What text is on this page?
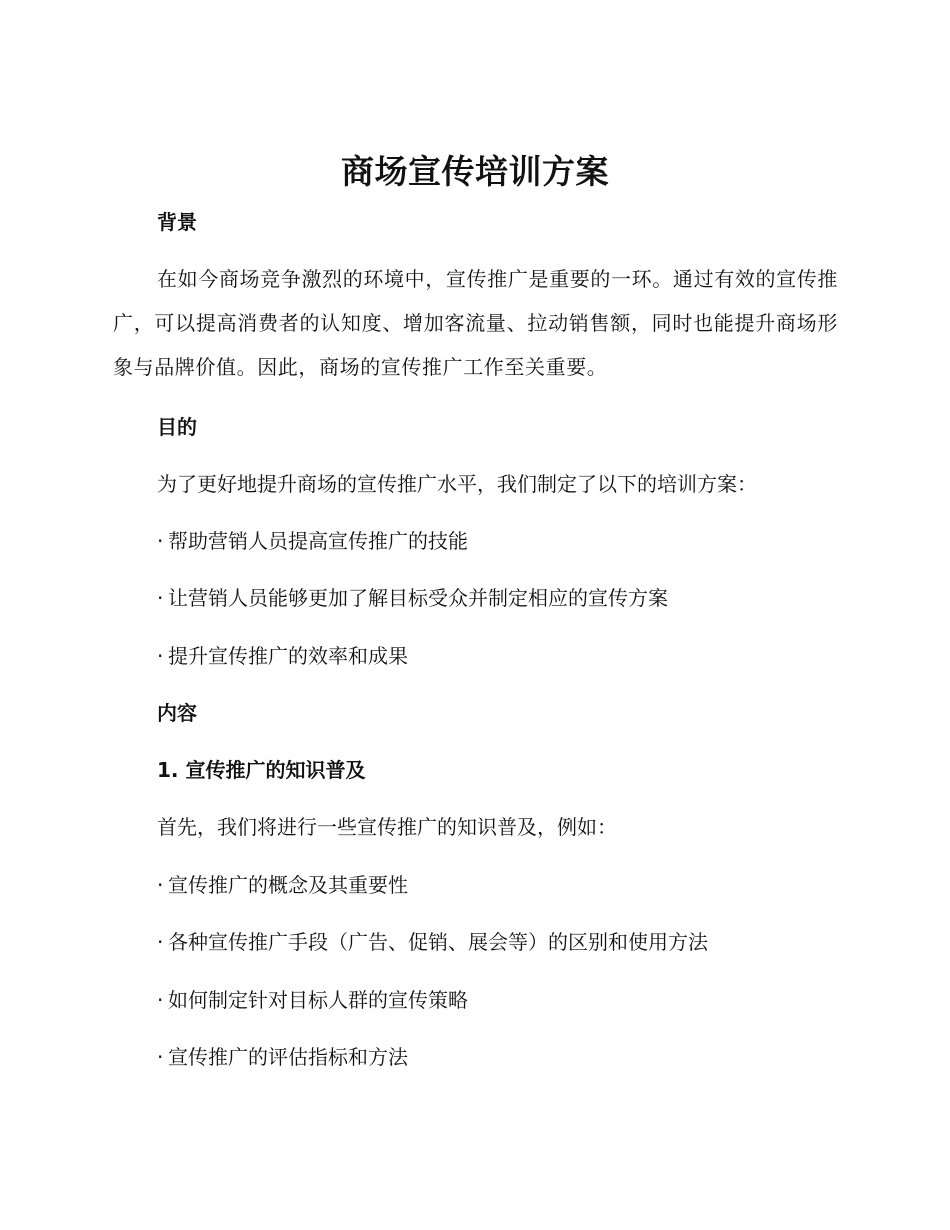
商场宣传培训方案
背景
在如今商场竞争激烈的环境中，宣传推广是重要的一环。通过有效的宣传推广，可以提高消费者的认知度、增加客流量、拉动销售额，同时也能提升商场形象与品牌价值。因此，商场的宣传推广工作至关重要。
目的
为了更好地提升商场的宣传推广水平，我们制定了以下的培训方案：
· 帮助营销人员提高宣传推广的技能
· 让营销人员能够更加了解目标受众并制定相应的宣传方案
· 提升宣传推广的效率和成果
内容
1. 宣传推广的知识普及
首先，我们将进行一些宣传推广的知识普及，例如：
· 宣传推广的概念及其重要性
· 各种宣传推广手段（广告、促销、展会等）的区别和使用方法
· 如何制定针对目标人群的宣传策略
· 宣传推广的评估指标和方法
